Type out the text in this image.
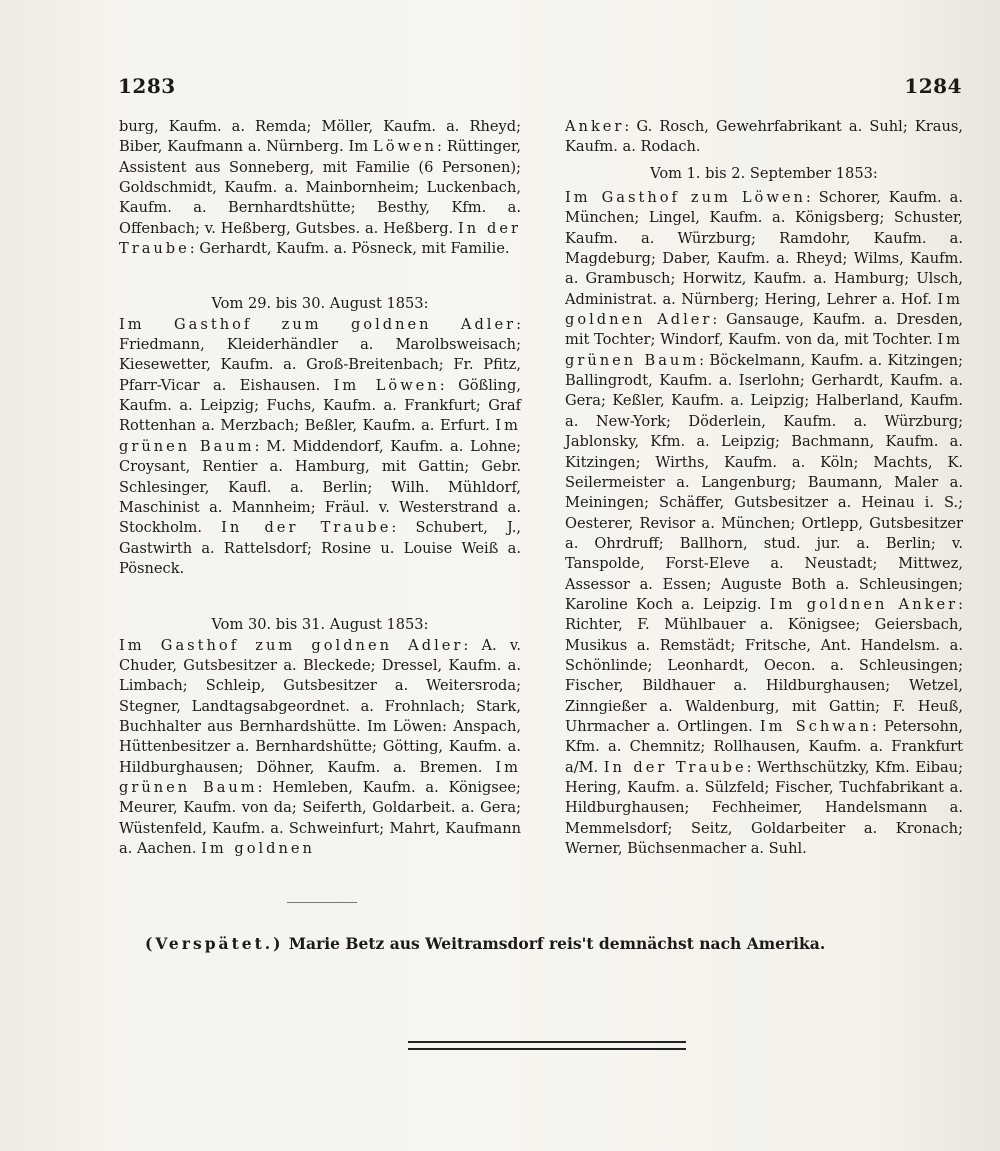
1283	1284

burg, Kaufm. a. Remda; Möller, Kaufm. a. Rheyd; Biber, Kaufmann a. Nürnberg. Im Löwen: Rüttinger, Assistent aus Sonneberg, mit Familie (6 Personen); Goldschmidt, Kaufm. a. Mainbornheim; Luckenbach, Kaufm. a. Bernhardtshütte; Besthy, Kfm. a. Offenbach; v. Heßberg, Gutsbes. a. Heßberg. In der Traube: Gerhardt, Kaufm. a. Pösneck, mit Familie.

Vom 29. bis 30. August 1853:

Im Gasthof zum goldnen Adler: Friedmann, Kleiderhändler a. Marolbsweisach; Kiesewetter, Kaufm. a. Groß-Breitenbach; Fr. Pfitz, Pfarr-Vicar a. Eishausen. Im Löwen: Gößling, Kaufm. a. Leipzig; Fuchs, Kaufm. a. Frankfurt; Graf Rottenhan a. Merzbach; Beßler, Kaufm. a. Erfurt. Im grünen Baum: M. Middendorf, Kaufm. a. Lohne; Croysant, Rentier a. Hamburg, mit Gattin; Gebr. Schlesinger, Kaufl. a. Berlin; Wilh. Mühldorf, Maschinist a. Mannheim; Fräul. v. Westerstrand a. Stockholm. In der Traube: Schubert, J., Gastwirth a. Rattelsdorf; Rosine u. Louise Weiß a. Pösneck.

Vom 30. bis 31. August 1853:

Im Gasthof zum goldnen Adler: A. v. Chuder, Gutsbesitzer a. Bleckede; Dressel, Kaufm. a. Limbach; Schleip, Gutsbesitzer a. Weitersroda; Stegner, Landtagsabgeordnet. a. Frohnlach; Stark, Buchhalter aus Bernhardshütte. Im Löwen: Anspach, Hüttenbesitzer a. Bernhardshütte; Götting, Kaufm. a. Hildburghausen; Döhner, Kaufm. a. Bremen. Im grünen Baum: Hemleben, Kaufm. a. Königsee; Meurer, Kaufm. von da; Seiferth, Goldarbeit. a. Gera; Wüstenfeld, Kaufm. a. Schweinfurt; Mahrt, Kaufmann a. Aachen. Im goldnen

Anker: G. Rosch, Gewehrfabrikant a. Suhl; Kraus, Kaufm. a. Rodach.

Vom 1. bis 2. September 1853:

Im Gasthof zum Löwen: Schorer, Kaufm. a. München; Lingel, Kaufm. a. Königsberg; Schuster, Kaufm. a. Würzburg; Ramdohr, Kaufm. a. Magdeburg; Daber, Kaufm. a. Rheyd; Wilms, Kaufm. a. Grambusch; Horwitz, Kaufm. a. Hamburg; Ulsch, Administrat. a. Nürnberg; Hering, Lehrer a. Hof. Im goldnen Adler: Gansauge, Kaufm. a. Dresden, mit Tochter; Windorf, Kaufm. von da, mit Tochter. Im grünen Baum: Böckelmann, Kaufm. a. Kitzingen; Ballingrodt, Kaufm. a. Iserlohn; Gerhardt, Kaufm. a. Gera; Keßler, Kaufm. a. Leipzig; Halberland, Kaufm. a. New-York; Döderlein, Kaufm. a. Würzburg; Jablonsky, Kfm. a. Leipzig; Bachmann, Kaufm. a. Kitzingen; Wirths, Kaufm. a. Köln; Machts, K. Seilermeister a. Langenburg; Baumann, Maler a. Meiningen; Schäffer, Gutsbesitzer a. Heinau i. S.; Oesterer, Revisor a. München; Ortlepp, Gutsbesitzer a. Ohrdruff; Ballhorn, stud. jur. a. Berlin; v. Tanspolde, Forst-Eleve a. Neustadt; Mittwez, Assessor a. Essen; Auguste Both a. Schleusingen; Karoline Koch a. Leipzig. Im goldnen Anker: Richter, F. Mühlbauer a. Königsee; Geiersbach, Musikus a. Remstädt; Fritsche, Ant. Handelsm. a. Schönlinde; Leonhardt, Oecon. a. Schleusingen; Fischer, Bildhauer a. Hildburghausen; Wetzel, Zinngießer a. Waldenburg, mit Gattin; F. Heuß, Uhrmacher a. Ortlingen. Im Schwan: Petersohn, Kfm. a. Chemnitz; Rollhausen, Kaufm. a. Frankfurt a/M. In der Traube: Werthschützky, Kfm. Eibau; Hering, Kaufm. a. Sülzfeld; Fischer, Tuchfabrikant a. Hildburghausen; Fechheimer, Handelsmann a. Memmelsdorf; Seitz, Goldarbeiter a. Kronach; Werner, Büchsenmacher a. Suhl.

(Verspätet.) Marie Betz aus Weitramsdorf reis't demnächst nach Amerika.
